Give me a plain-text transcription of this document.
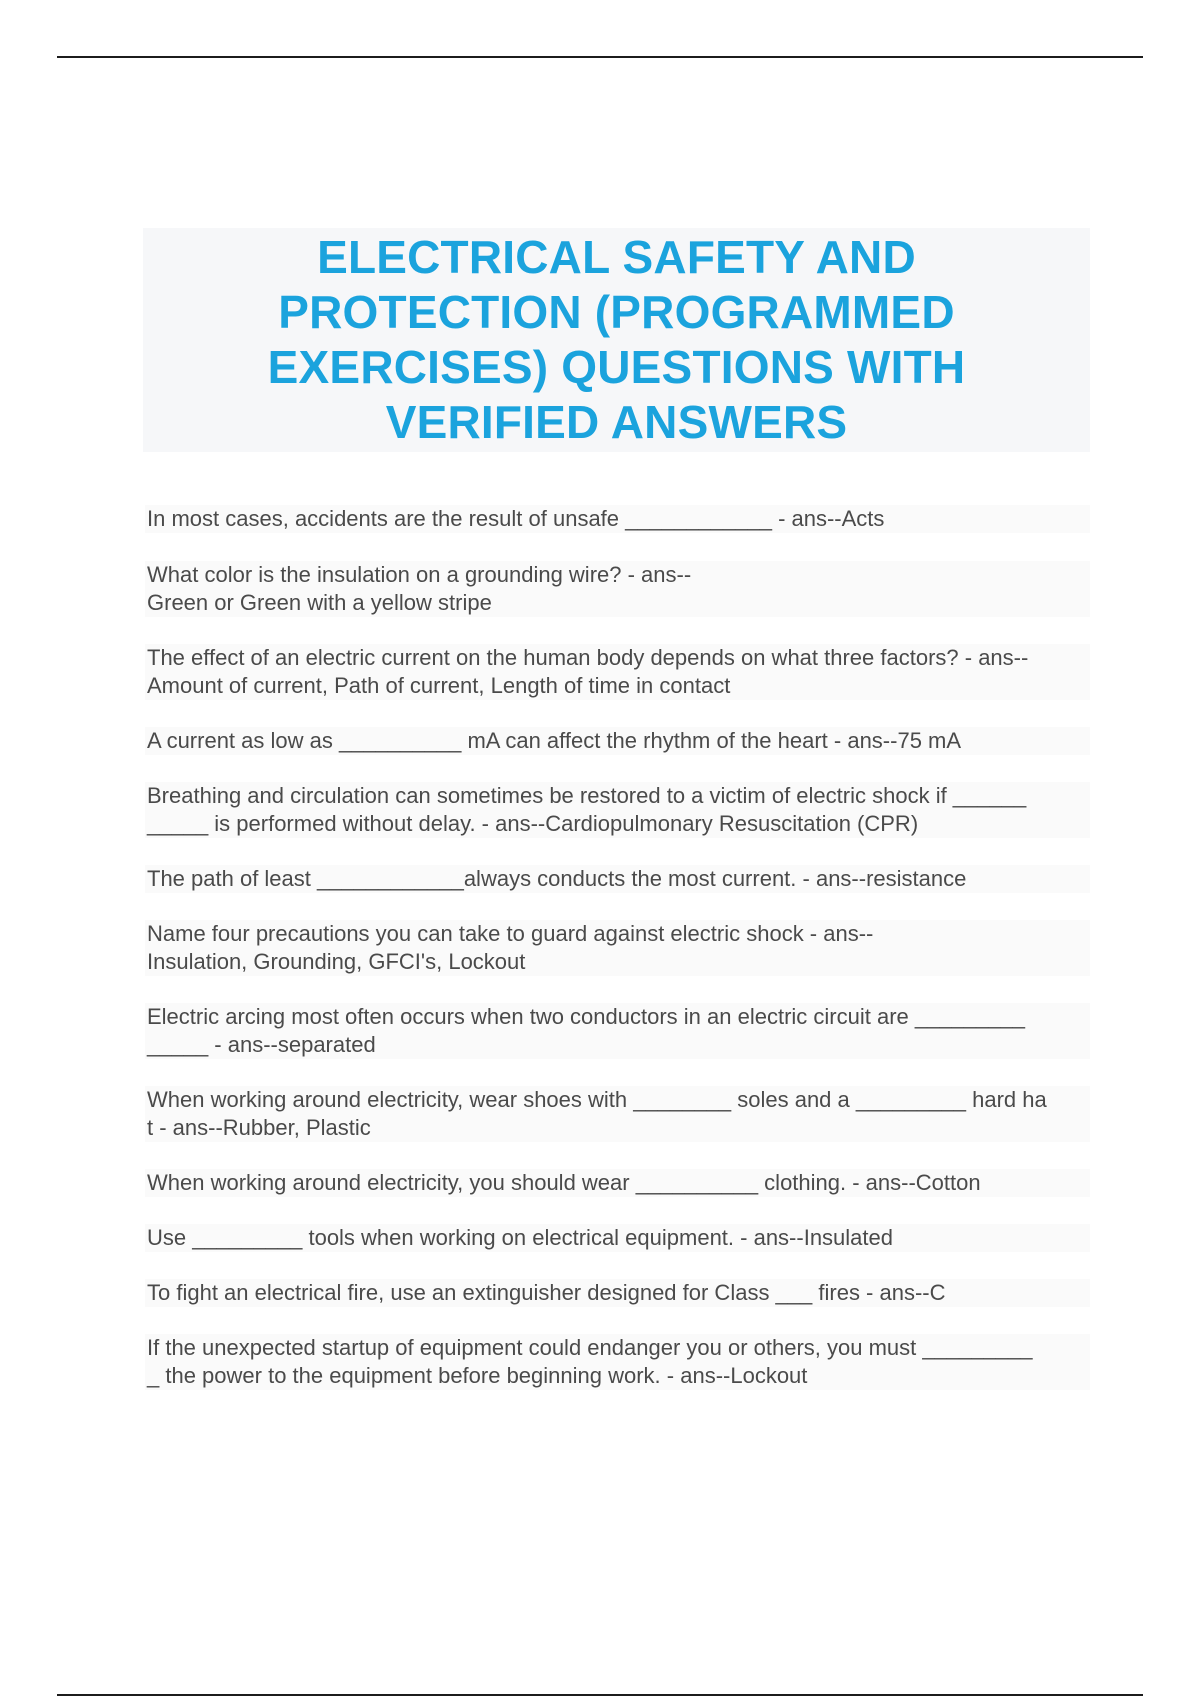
ELECTRICAL SAFETY AND
PROTECTION (PROGRAMMED
EXERCISES) QUESTIONS WITH
VERIFIED ANSWERS
In most cases, accidents are the result of unsafe ____________ - ans--Acts
What color is the insulation on a grounding wire? - ans--
Green or Green with a yellow stripe
The effect of an electric current on the human body depends on what three factors? - ans--
Amount of current, Path of current, Length of time in contact
A current as low as __________ mA can affect the rhythm of the heart - ans--75 mA
Breathing and circulation can sometimes be restored to a victim of electric shock if ______
_____ is performed without delay. - ans--Cardiopulmonary Resuscitation (CPR)
The path of least ____________always conducts the most current. - ans--resistance
Name four precautions you can take to guard against electric shock - ans--
Insulation, Grounding, GFCI's, Lockout
Electric arcing most often occurs when two conductors in an electric circuit are _________
_____ - ans--separated
When working around electricity, wear shoes with ________ soles and a _________ hard ha
t - ans--Rubber, Plastic
When working around electricity, you should wear __________ clothing. - ans--Cotton
Use _________ tools when working on electrical equipment. - ans--Insulated
To fight an electrical fire, use an extinguisher designed for Class ___ fires - ans--C
If the unexpected startup of equipment could endanger you or others, you must _________
_ the power to the equipment before beginning work. - ans--Lockout
